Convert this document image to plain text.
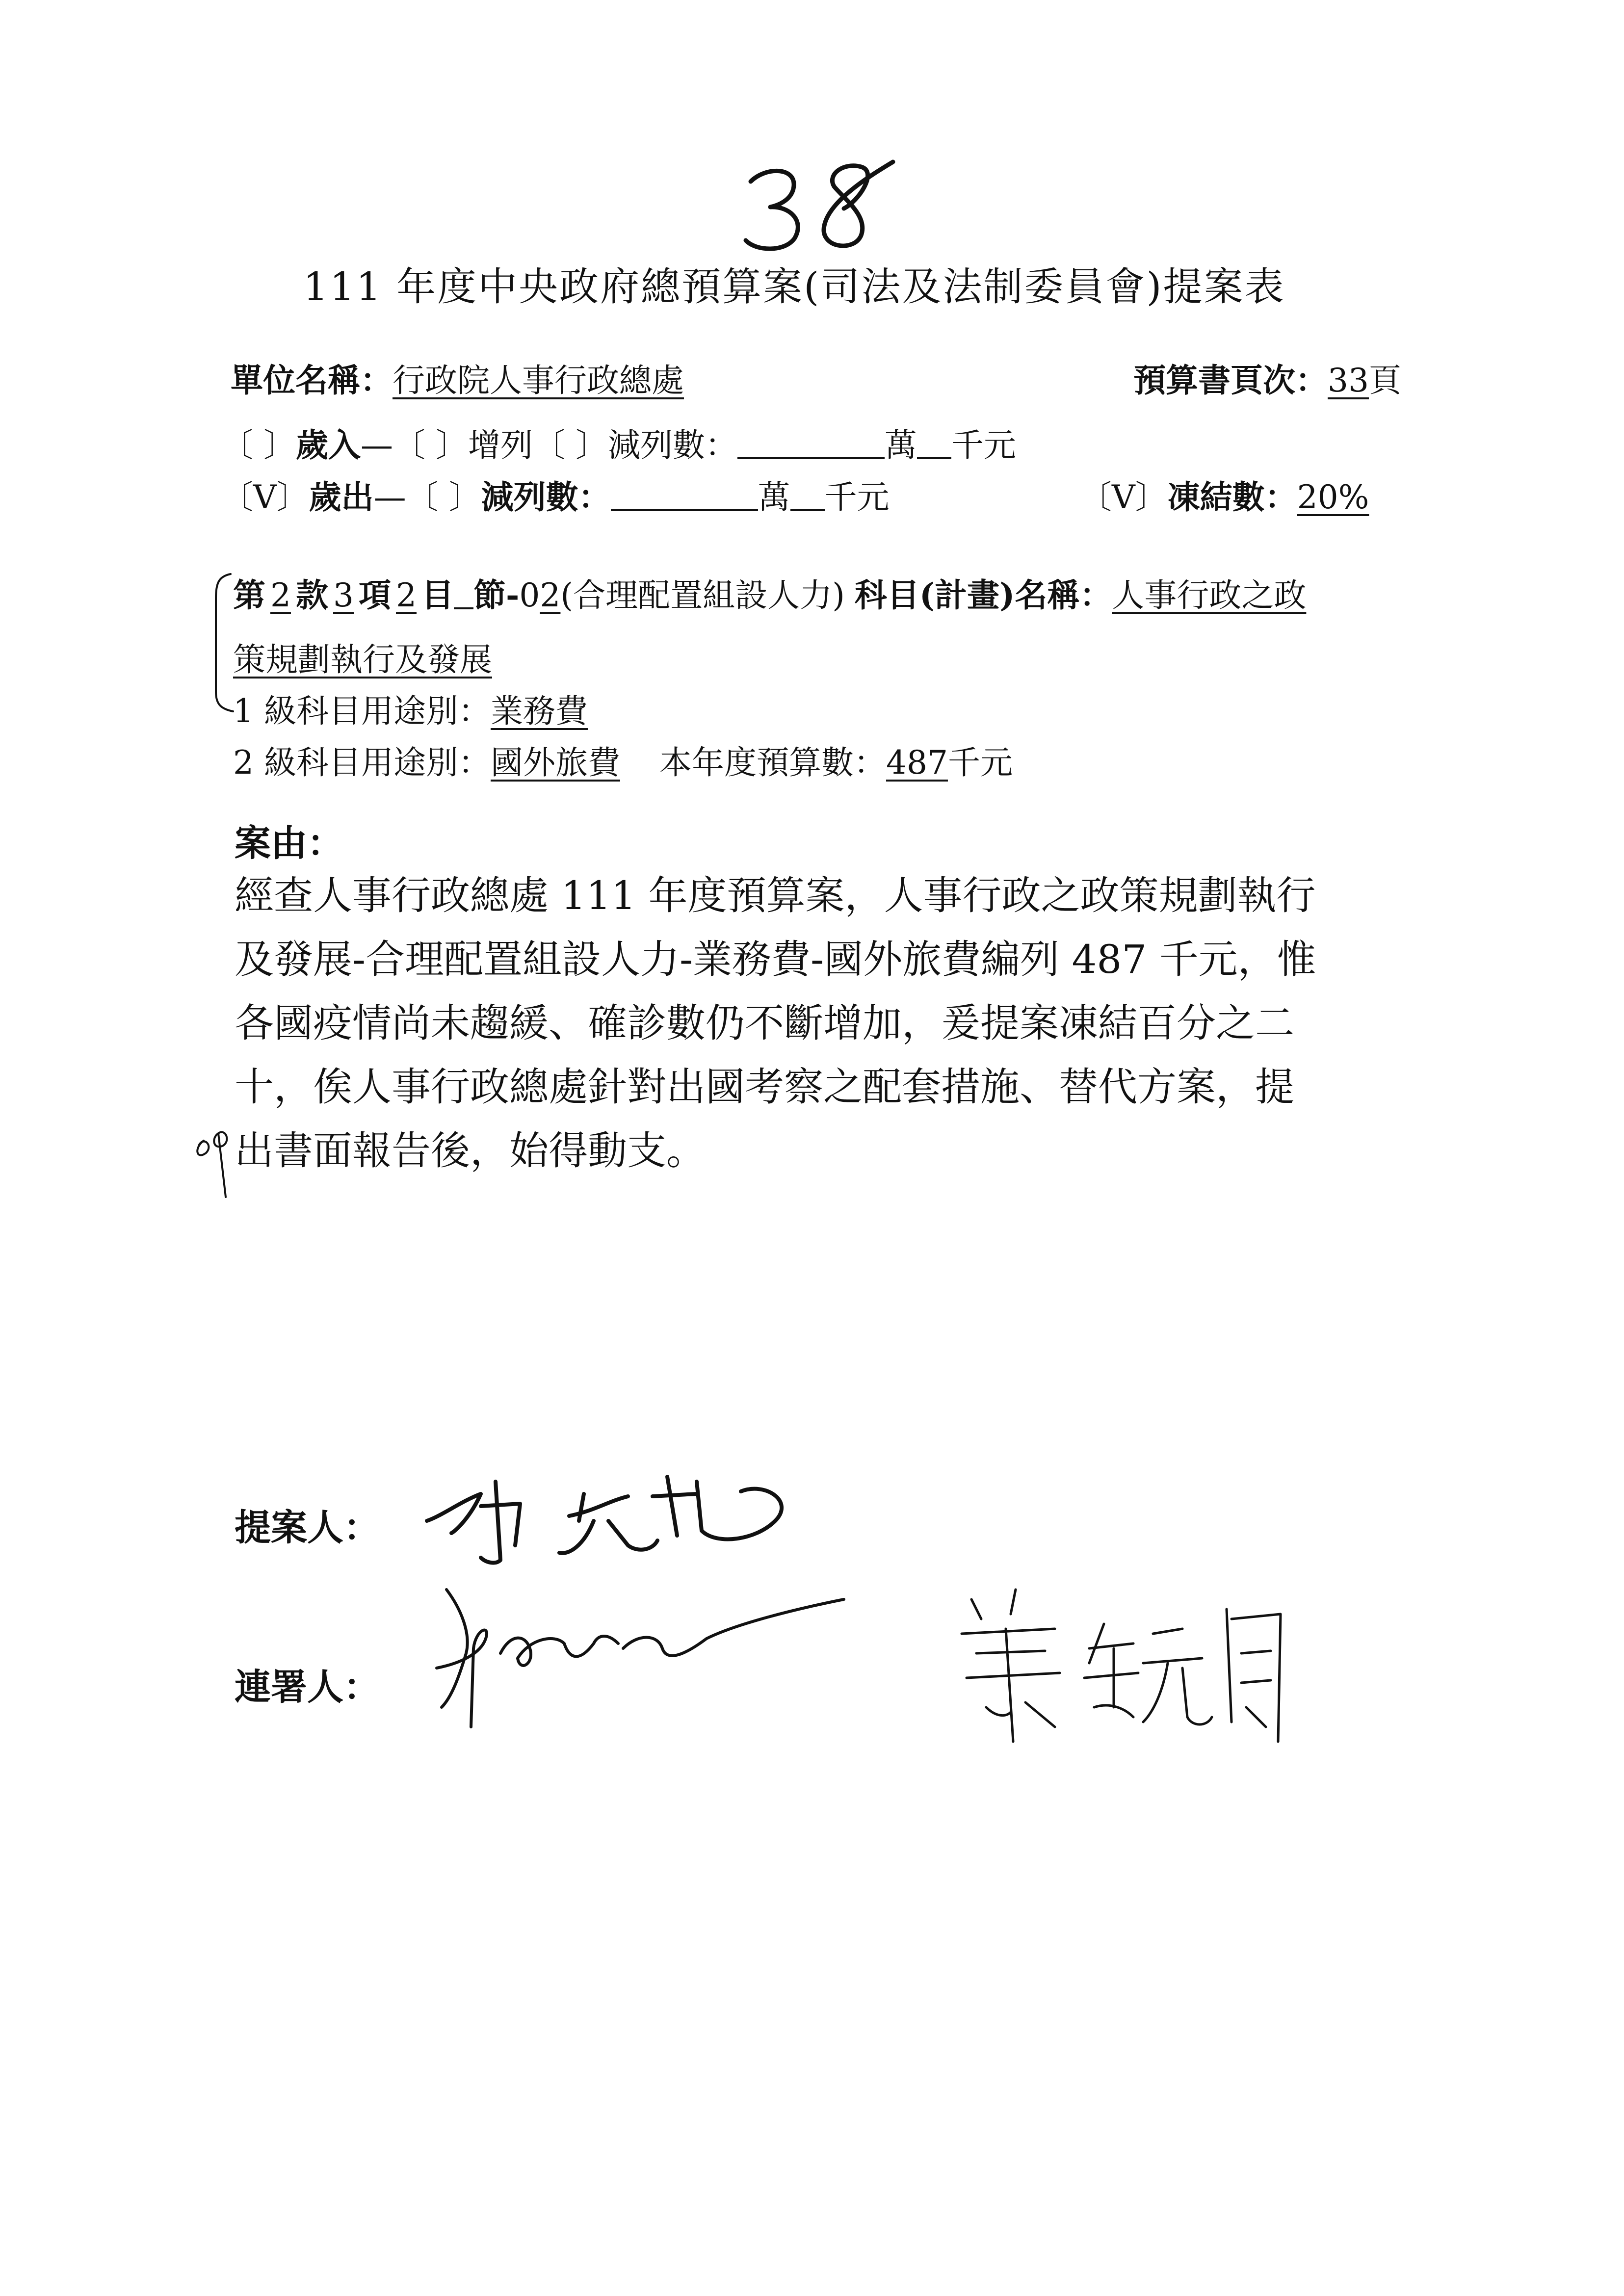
111 年度中央政府總預算案(司法及法制委員會)提案表
單位名稱：行政院人事行政總處	預算書頁次：33頁
〔 〕歲入—〔 〕增列〔 〕減列數：	萬 千元
〔V〕歲出—〔 〕減列數：	萬 千元	〔V〕凍結數：20%
第 2 款 3 項 2 目 節-02(合理配置組設人力) 科目(計畫)名稱：人事行政之政
策規劃執行及發展
1 級科目用途別：業務費
2 級科目用途別：國外旅費 本年度預算數：487千元
案由：
經查人事行政總處 111 年度預算案，人事行政之政策規劃執行
及發展-合理配置組設人力-業務費-國外旅費編列 487 千元，惟
各國疫情尚未趨緩、確診數仍不斷增加，爰提案凍結百分之二
十，俟人事行政總處針對出國考察之配套措施、替代方案，提
出書面報告後，始得動支。
提案人：
連署人：
